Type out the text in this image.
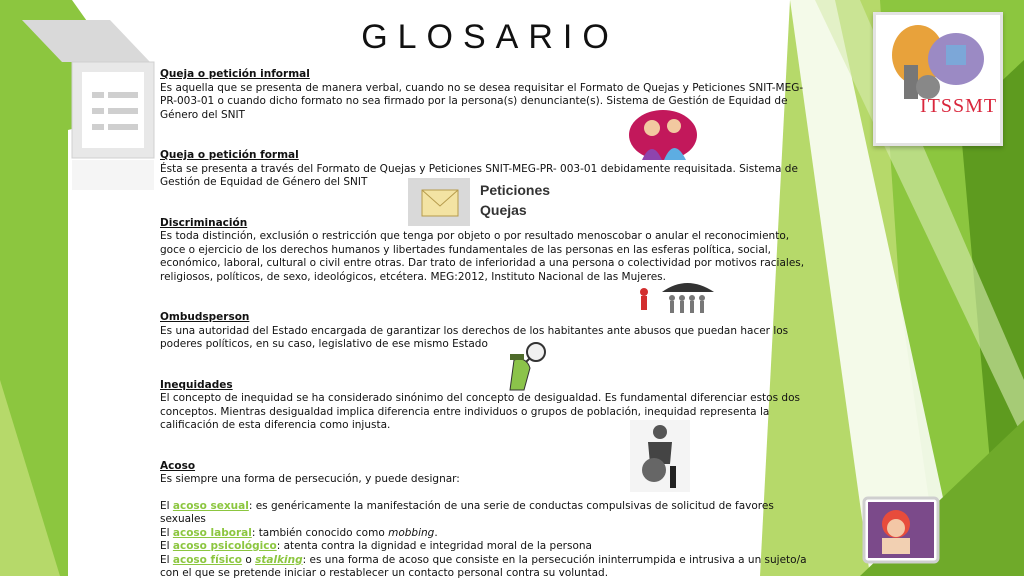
GLOSARIO
ITSSMT
Peticiones
Quejas
Queja o petición informal
Es aquella que se presenta de manera verbal, cuando no se desea requisitar el Formato de Quejas y Peticiones SNIT-MEG-PR-003-01 o cuando dicho formato no sea firmado por la persona(s) denunciante(s). Sistema de Gestión de Equidad de Género del SNIT
Queja o petición formal
Ésta se presenta a través del Formato de Quejas y Peticiones SNIT-MEG-PR- 003-01 debidamente requisitada. Sistema de Gestión de Equidad de Género del SNIT
Discriminación
Es toda distinción, exclusión o restricción que tenga por objeto o por resultado menoscobar o anular el reconocimiento, goce o ejercicio de los derechos humanos y libertades fundamentales de las personas en las esferas política, social, económico, laboral, cultural o civil entre otras. Dar trato de inferioridad a una persona o colectividad por motivos raciales, religiosos, políticos, de sexo, ideológicos, etcétera. MEG:2012, Instituto Nacional de las Mujeres.
Ombudsperson
Es una autoridad del Estado encargada de garantizar los derechos de los habitantes ante abusos que puedan hacer los poderes políticos, en su caso, legislativo de ese mismo Estado
Inequidades
El concepto de inequidad se ha considerado sinónimo del concepto de desigualdad. Es fundamental diferenciar estos dos conceptos. Mientras desigualdad implica diferencia entre individuos o grupos de población, inequidad representa la calificación de esta diferencia como injusta.
Acoso
Es siempre una forma de persecución, y puede designar:
El acoso sexual: es genéricamente la manifestación de una serie de conductas compulsivas de solicitud de favores sexuales
El acoso laboral: también conocido como mobbing.
El acoso psicológico: atenta contra la dignidad e integridad moral de la persona
El acoso físico o stalking: es una forma de acoso que consiste en la persecución ininterrumpida e intrusiva a un sujeto/a con el que se pretende iniciar o restablecer un contacto personal contra su voluntad.
